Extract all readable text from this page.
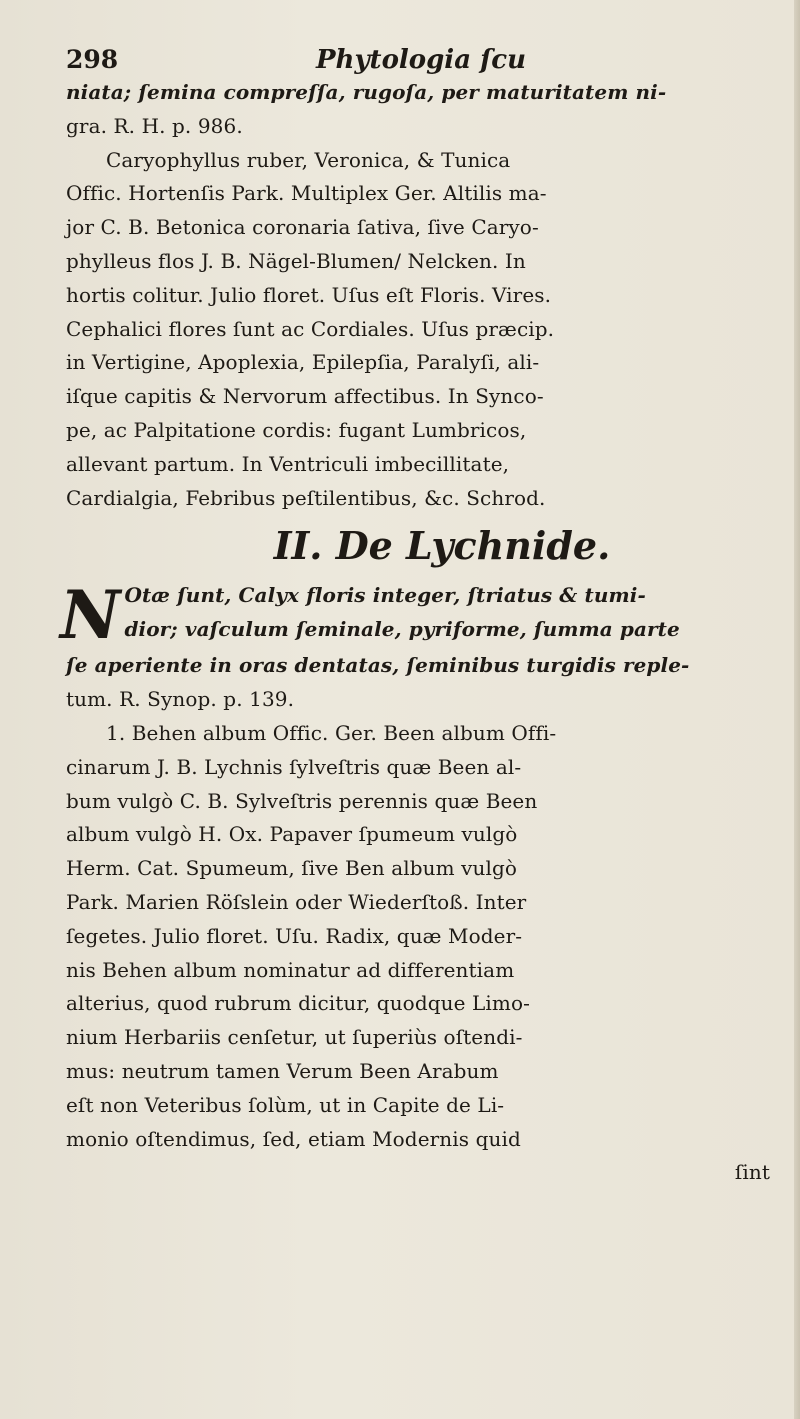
298	Phytologia ſcu
niata; ſemina compreſſa, rugoſa, per maturitatem ni-
gra. R. H. p. 986.
Caryophyllus ruber, Veronica, & Tunica
Offic. Hortenſis Park. Multiplex Ger. Altilis ma-
jor C. B. Betonica coronaria ſativa, ſive Caryo-
phylleus flos J. B. Nägel-Blumen/ Nelcken. In
hortis colitur. Julio floret. Uſus eſt Floris. Vires.
Cephalici flores ſunt ac Cordiales. Uſus præcip.
in Vertigine, Apoplexia, Epilepſia, Paralyſi, ali-
iſque capitis & Nervorum affectibus. In Synco-
pe, ac Palpitatione cordis: fugant Lumbricos,
allevant partum. In Ventriculi imbecillitate,
Cardialgia, Febribus peſtilentibus, &c. Schrod.
II. De Lychnide.
N Otæ ſunt, Calyx floris integer, ſtriatus & tumi-
dior; vaſculum ſeminale, pyriforme, ſumma parte
ſe aperiente in oras dentatas, ſeminibus turgidis reple-
tum. R. Synop. p. 139.
1. Behen album Offic. Ger. Been album Offi-
cinarum J. B. Lychnis ſylveſtris quæ Been al-
bum vulgò C. B. Sylveſtris perennis quæ Been
album vulgò H. Ox. Papaver ſpumeum vulgò
Herm. Cat. Spumeum, ſive Ben album vulgò
Park. Marien Röſslein oder Wiederſtoß. Inter
ſegetes. Julio floret. Uſu. Radix, quæ Moder-
nis Behen album nominatur ad differentiam
alterius, quod rubrum dicitur, quodque Limo-
nium Herbariis cenſetur, ut ſuperiùs oſtendi-
mus: neutrum tamen Verum Been Arabum
eſt non Veteribus ſolùm, ut in Capite de Li-
monio oſtendimus, ſed, etiam Modernis quid
ſint
